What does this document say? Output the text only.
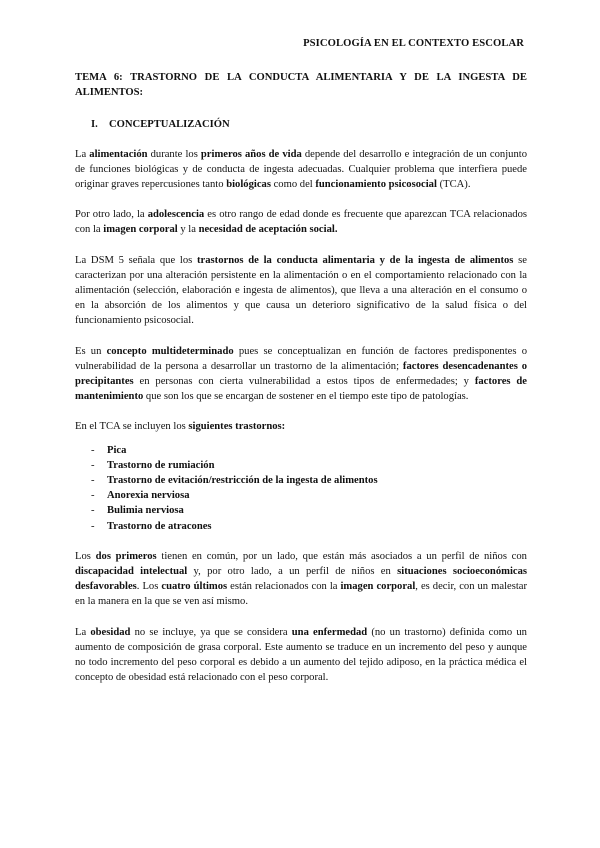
PSICOLOGÍA EN EL CONTEXTO ESCOLAR
TEMA 6: TRASTORNO DE LA CONDUCTA ALIMENTARIA Y DE LA INGESTA DE ALIMENTOS:
I. CONCEPTUALIZACIÓN

La alimentación durante los primeros años de vida depende del desarrollo e integración de un conjunto de funciones biológicas y de conducta de ingesta adecuadas. Cualquier problema que interfiera puede originar graves repercusiones tanto biológicas como del funcionamiento psicosocial (TCA).

Por otro lado, la adolescencia es otro rango de edad donde es frecuente que aparezcan TCA relacionados con la imagen corporal y la necesidad de aceptación social.

La DSM 5 señala que los trastornos de la conducta alimentaria y de la ingesta de alimentos se caracterizan por una alteración persistente en la alimentación o en el comportamiento relacionado con la alimentación (selección, elaboración e ingesta de alimentos), que lleva a una alteración en el consumo o en la absorción de los alimentos y que causa un deterioro significativo de la salud física o del funcionamiento psicosocial.

Es un concepto multideterminado pues se conceptualizan en función de factores predisponentes o vulnerabilidad de la persona a desarrollar un trastorno de la alimentación; factores desencadenantes o precipitantes en personas con cierta vulnerabilidad a estos tipos de enfermedades; y factores de mantenimiento que son los que se encargan de sostener en el tiempo este tipo de patologías.

En el TCA se incluyen los siguientes trastornos:

-	Pica
-	Trastorno de rumiación
-	Trastorno de evitación/restricción de la ingesta de alimentos
-	Anorexia nerviosa
-	Bulimia nerviosa
-	Trastorno de atracones

Los dos primeros tienen en común, por un lado, que están más asociados a un perfil de niños con discapacidad intelectual y, por otro lado, a un perfil de niños en situaciones socioeconómicas desfavorables. Los cuatro últimos están relacionados con la imagen corporal, es decir, con un malestar en la manera en la que se ven así mismo.

La obesidad no se incluye, ya que se considera una enfermedad (no un trastorno) definida como un aumento de composición de grasa corporal. Este aumento se traduce en un incremento del peso y aunque no todo incremento del peso corporal es debido a un aumento del tejido adiposo, en la práctica médica el concepto de obesidad está relacionado con el peso corporal.
